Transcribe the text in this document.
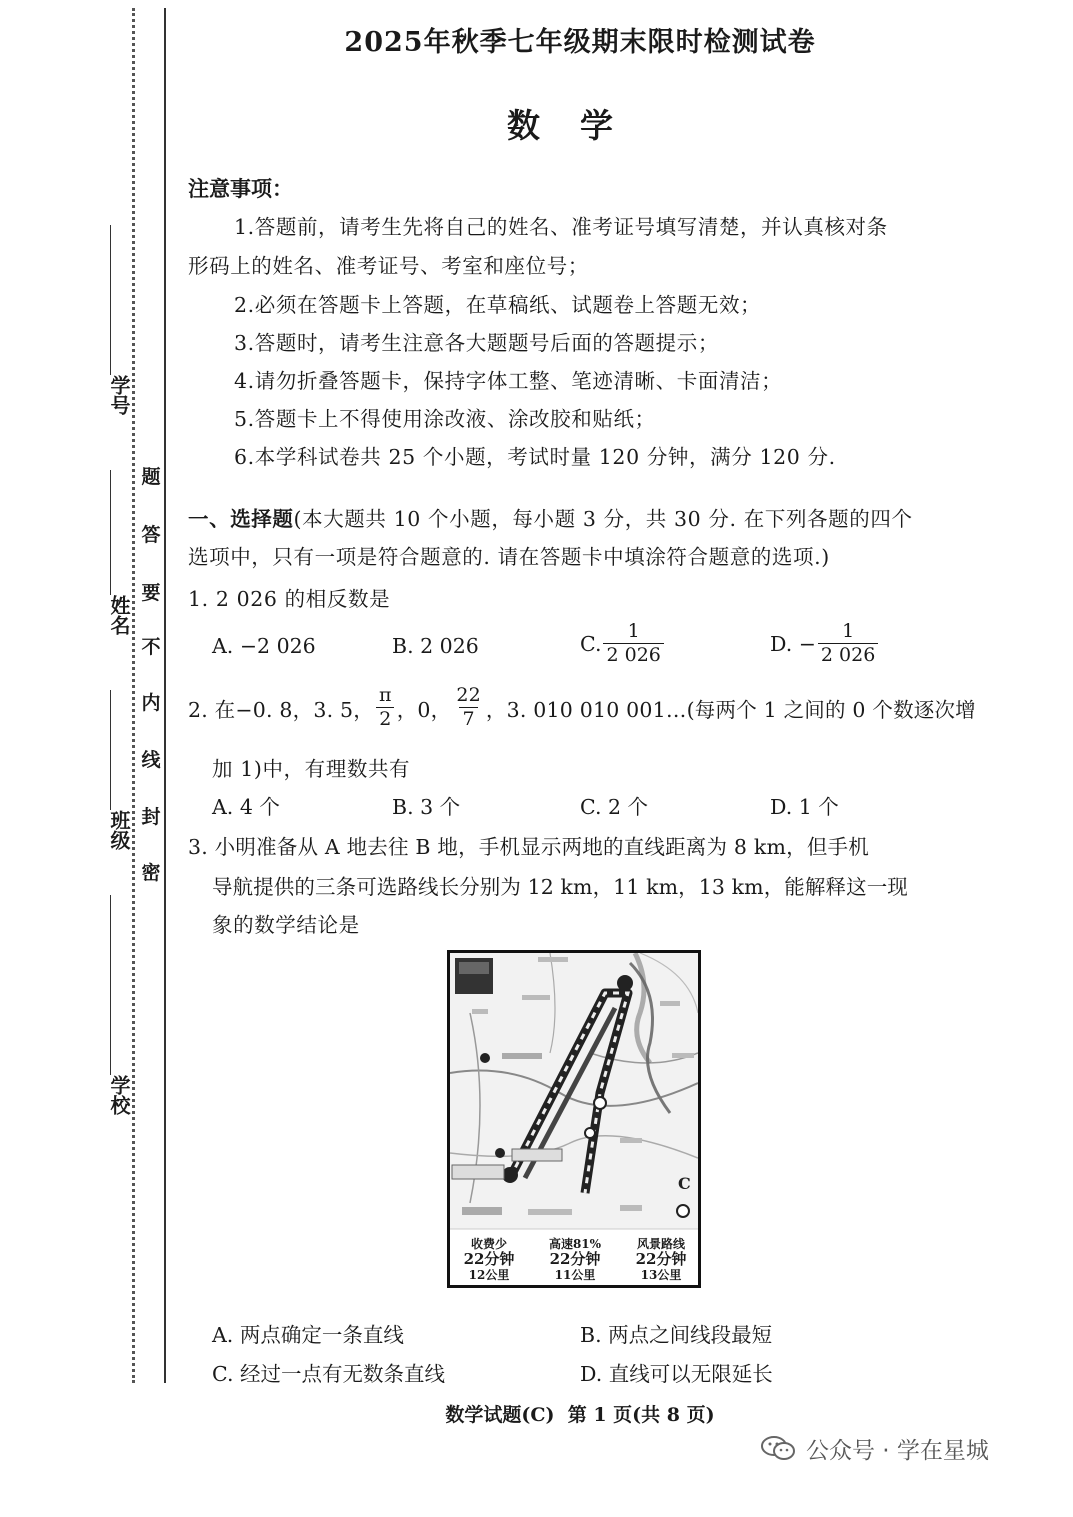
学号
姓名
班级
学校
题
答
要
不
内
线
封
密
2025年秋季七年级期末限时检测试卷
数学
注意事项：
1.答题前，请考生先将自己的姓名、准考证号填写清楚，并认真核对条
形码上的姓名、准考证号、考室和座位号；
2.必须在答题卡上答题，在草稿纸、试题卷上答题无效；
3.答题时，请考生注意各大题题号后面的答题提示；
4.请勿折叠答题卡，保持字体工整、笔迹清晰、卡面清洁；
5.答题卡上不得使用涂改液、涂改胶和贴纸；
6.本学科试卷共 25 个小题，考试时量 120 分钟，满分 120 分.
一、选择题(本大题共 10 个小题，每小题 3 分，共 30 分. 在下列各题的四个
选项中，只有一项是符合题意的. 请在答题卡中填涂符合题意的选项.)
1. 2 026 的相反数是
A. −2 026	B. 2 026	C. $\frac{1}{2 026}$	D. − $\frac{1}{2 026}$
2. 在−0. 8，3. 5， $\frac{\pi}{2}$ ，0， $\frac{22}{7}$ ，3. 010 010 001…(每两个 1 之间的 0 个数逐次增
加 1)中，有理数共有
A. 4 个	B. 3 个	C. 2 个	D. 1 个
3. 小明准备从 A 地去往 B 地，手机显示两地的直线距离为 8 km，但手机
导航提供的三条可选路线长分别为 12 km，11 km，13 km，能解释这一现
象的数学结论是
C
收费少
22分钟
12公里
高速81%
22分钟
11公里
风景路线
22分钟
13公里
A. 两点确定一条直线	B. 两点之间线段最短
C. 经过一点有无数条直线	D. 直线可以无限延长
数学试题(C)  第 1 页(共 8 页)
公众号 · 学在星城
